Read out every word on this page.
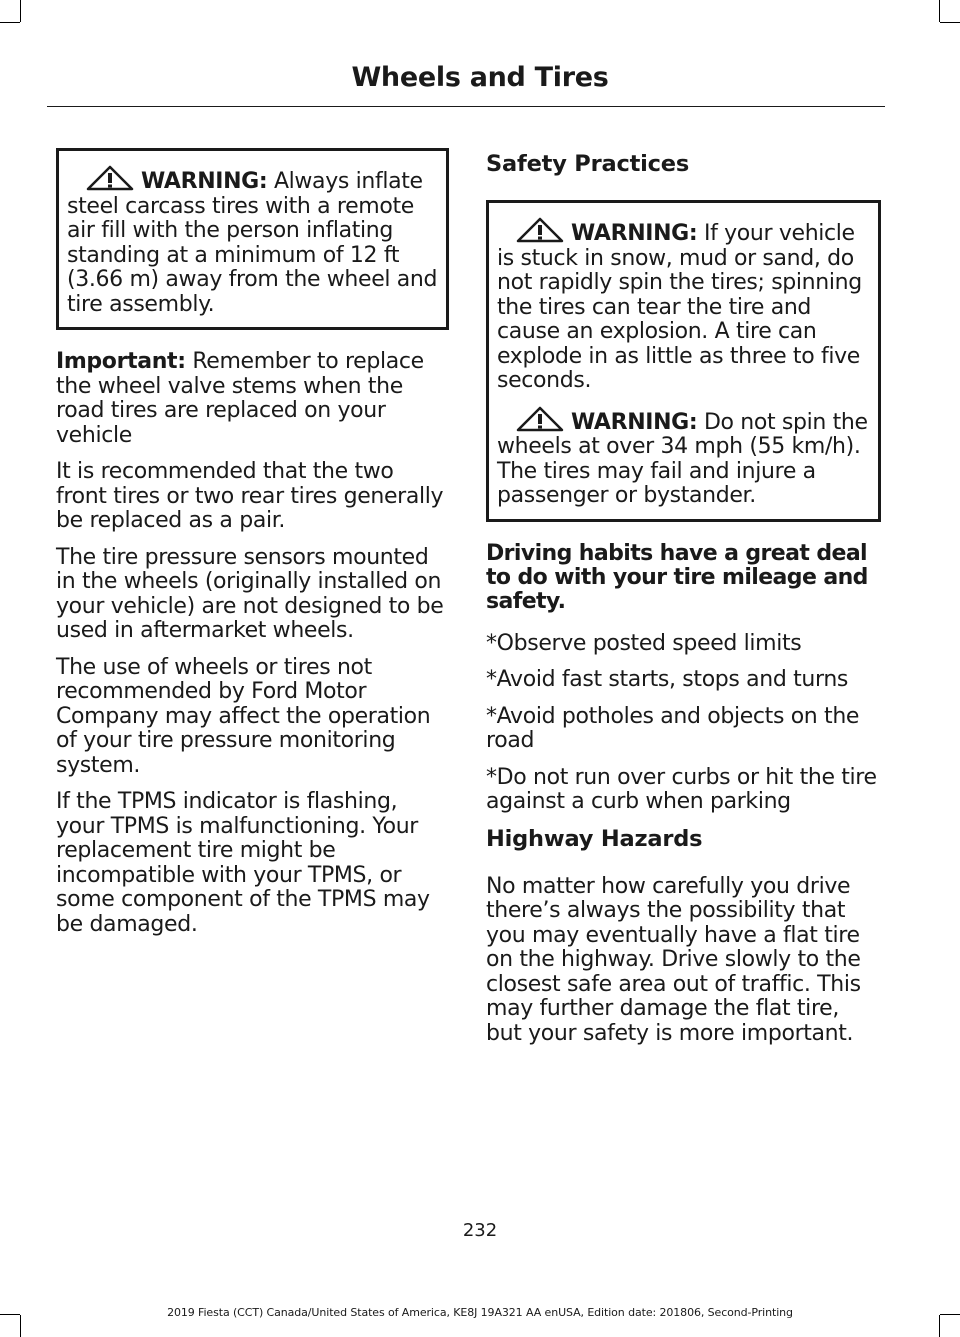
Wheels and Tires

WARNING: Always inflate steel carcass tires with a remote air fill with the person inflating standing at a minimum of 12 ft (3.66 m) away from the wheel and tire assembly.

Important: Remember to replace the wheel valve stems when the road tires are replaced on your vehicle

It is recommended that the two front tires or two rear tires generally be replaced as a pair.

The tire pressure sensors mounted in the wheels (originally installed on your vehicle) are not designed to be used in aftermarket wheels.

The use of wheels or tires not recommended by Ford Motor Company may affect the operation of your tire pressure monitoring system.

If the TPMS indicator is flashing, your TPMS is malfunctioning. Your replacement tire might be incompatible with your TPMS, or some component of the TPMS may be damaged.

Safety Practices

WARNING: If your vehicle is stuck in snow, mud or sand, do not rapidly spin the tires; spinning the tires can tear the tire and cause an explosion. A tire can explode in as little as three to five seconds.

WARNING: Do not spin the wheels at over 34 mph (55 km/h). The tires may fail and injure a passenger or bystander.

Driving habits have a great deal to do with your tire mileage and safety.

*Observe posted speed limits

*Avoid fast starts, stops and turns

*Avoid potholes and objects on the road

*Do not run over curbs or hit the tire against a curb when parking

Highway Hazards

No matter how carefully you drive there’s always the possibility that you may eventually have a flat tire on the highway. Drive slowly to the closest safe area out of traffic. This may further damage the flat tire, but your safety is more important.

232
2019 Fiesta (CCT) Canada/United States of America, KE8J 19A321 AA enUSA, Edition date: 201806, Second-Printing
